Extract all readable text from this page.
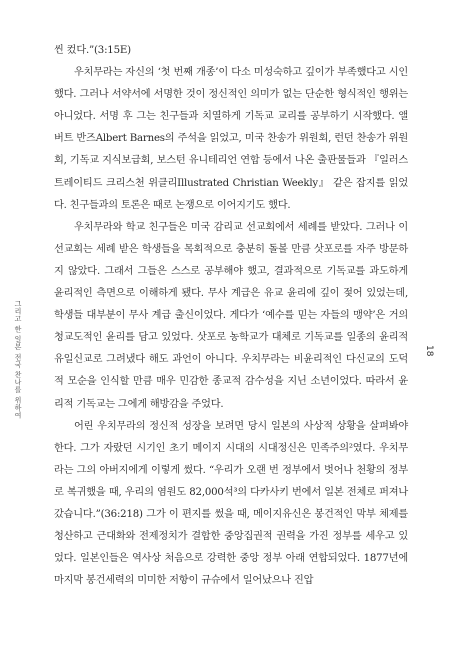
그리고 한 일본 전국 찬나를 위하여	18

씬 컸다.”(3:15E)

우치무라는 자신의 ‘첫 번째 개종’이 다소 미성숙하고 깊이가 부족했다고 시인했다. 그러나 서약서에 서명한 것이 정신적인 의미가 없는 단순한 형식적인 행위는 아니었다. 서명 후 그는 친구들과 치열하게 기독교 교리를 공부하기 시작했다. 앨버트 반즈Albert Barnes의 주석을 읽었고, 미국 찬송가 위원회, 런던 찬송가 위원회, 기독교 지식보급회, 보스턴 유니테리언 연합 등에서 나온 출판물들과 『일러스트레이티드 크리스천 위클리Illustrated Christian Weekly』 같은 잡지를 읽었다. 친구들과의 토론은 때로 논쟁으로 이어지기도 했다.

우치무라와 학교 친구들은 미국 감리교 선교회에서 세례를 받았다. 그러나 이 선교회는 세례 받은 학생들을 목회적으로 충분히 돌볼 만큼 삿포로를 자주 방문하지 않았다. 그래서 그들은 스스로 공부해야 했고, 결과적으로 기독교를 과도하게 윤리적인 측면으로 이해하게 됐다. 무사 계급은 유교 윤리에 깊이 젖어 있었는데, 학생들 대부분이 무사 계급 출신이었다. 게다가 ‘예수를 믿는 자들의 맹약’은 거의 청교도적인 윤리를 담고 있었다. 삿포로 농학교가 대체로 기독교를 일종의 윤리적 유일신교로 그려냈다 해도 과언이 아니다. 우치무라는 비윤리적인 다신교의 도덕적 모순을 인식할 만큼 매우 민감한 종교적 감수성을 지닌 소년이었다. 따라서 윤리적 기독교는 그에게 해방감을 주었다.

어린 우치무라의 정신적 성장을 보려면 당시 일본의 사상적 상황을 살펴봐야 한다. 그가 자랐던 시기인 초기 메이지 시대의 시대정신은 민족주의²였다. 우치무라는 그의 아버지에게 이렇게 썼다. “우리가 오랜 번 정부에서 벗어나 천황의 정부로 복귀했을 때, 우리의 염원도 82,000석³의 다카사키 번에서 일본 전체로 퍼져나갔습니다.”(36:218) 그가 이 편지를 썼을 때, 메이지유신은 봉건적인 막부 체제를 청산하고 근대화와 전제정치가 결합한 중앙집권적 권력을 가진 정부를 세우고 있었다. 일본인들은 역사상 처음으로 강력한 중앙 정부 아래 연합되었다. 1877년에 마지막 봉건세력의 미미한 저항이 규슈에서 일어났으나 진압
